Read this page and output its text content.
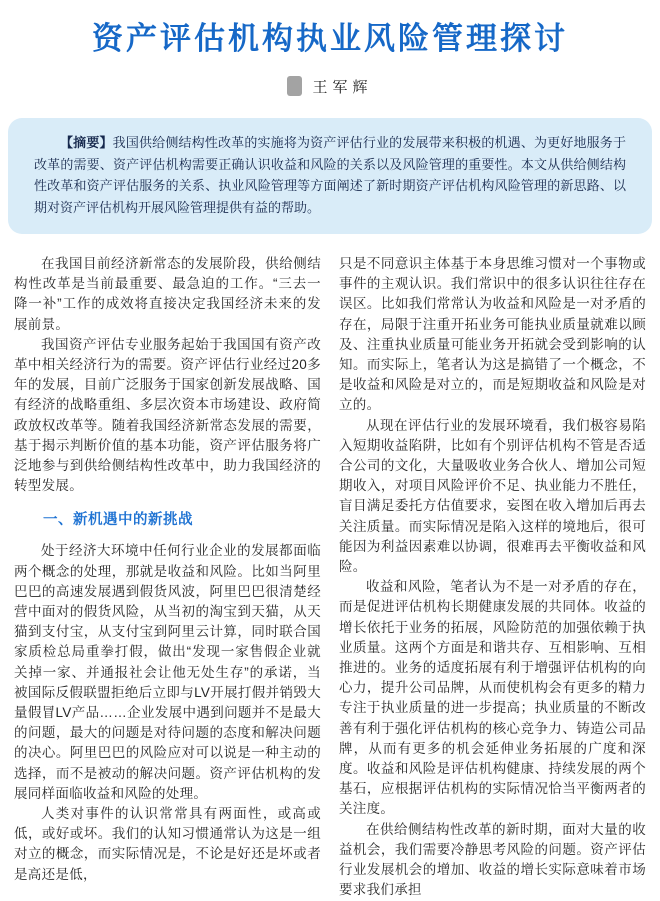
资产评估机构执业风险管理探讨
王军辉

【摘要】我国供给侧结构性改革的实施将为资产评估行业的发展带来积极的机遇、为更好地服务于改革的需要、资产评估机构需要正确认识收益和风险的关系以及风险管理的重要性。本文从供给侧结构性改革和资产评估服务的关系、执业风险管理等方面阐述了新时期资产评估机构风险管理的新思路、以期对资产评估机构开展风险管理提供有益的帮助。

在我国目前经济新常态的发展阶段，供给侧结构性改革是当前最重要、最急迫的工作。“三去一降一补”工作的成效将直接决定我国经济未来的发展前景。

我国资产评估专业服务起始于我国国有资产改革中相关经济行为的需要。资产评估行业经过20多年的发展，目前广泛服务于国家创新发展战略、国有经济的战略重组、多层次资本市场建设、政府简政放权改革等。随着我国经济新常态发展的需要，基于揭示判断价值的基本功能，资产评估服务将广泛地参与到供给侧结构性改革中，助力我国经济的转型发展。

一、新机遇中的新挑战

处于经济大环境中任何行业企业的发展都面临两个概念的处理，那就是收益和风险。比如当阿里巴巴的高速发展遇到假货风波，阿里巴巴很清楚经营中面对的假货风险，从当初的淘宝到天猫，从天猫到支付宝，从支付宝到阿里云计算，同时联合国家质检总局重拳打假，做出“发现一家售假企业就关掉一家、并通报社会让他无处生存”的承诺，当被国际反假联盟拒绝后立即与LV开展打假并销毁大量假冒LV产品……企业发展中遇到问题并不是最大的问题，最大的问题是对待问题的态度和解决问题的决心。阿里巴巴的风险应对可以说是一种主动的选择，而不是被动的解决问题。资产评估机构的发展同样面临收益和风险的处理。

人类对事件的认识常常具有两面性，或高或低，或好或坏。我们的认知习惯通常认为这是一组对立的概念，而实际情况是，不论是好还是坏或者是高还是低，

只是不同意识主体基于本身思维习惯对一个事物或事件的主观认识。我们常识中的很多认识往往存在误区。比如我们常常认为收益和风险是一对矛盾的存在，局限于注重开拓业务可能执业质量就难以顾及、注重执业质量可能业务开拓就会受到影响的认知。而实际上，笔者认为这是搞错了一个概念，不是收益和风险是对立的，而是短期收益和风险是对立的。

从现在评估行业的发展环境看，我们极容易陷入短期收益陷阱，比如有个别评估机构不管是否适合公司的文化，大量吸收业务合伙人、增加公司短期收入，对项目风险评价不足、执业能力不胜任，盲目满足委托方估值要求，妄图在收入增加后再去关注质量。而实际情况是陷入这样的境地后，很可能因为利益因素难以协调，很难再去平衡收益和风险。

收益和风险，笔者认为不是一对矛盾的存在，而是促进评估机构长期健康发展的共同体。收益的增长依托于业务的拓展，风险防范的加强依赖于执业质量。这两个方面是和谐共存、互相影响、互相推进的。业务的适度拓展有利于增强评估机构的向心力，提升公司品牌，从而使机构会有更多的精力专注于执业质量的进一步提高；执业质量的不断改善有利于强化评估机构的核心竞争力、铸造公司品牌，从而有更多的机会延伸业务拓展的广度和深度。收益和风险是评估机构健康、持续发展的两个基石，应根据评估机构的实际情况恰当平衡两者的关注度。

在供给侧结构性改革的新时期，面对大量的收益机会，我们需要冷静思考风险的问题。资产评估行业发展机会的增加、收益的增长实际意味着市场要求我们承担
